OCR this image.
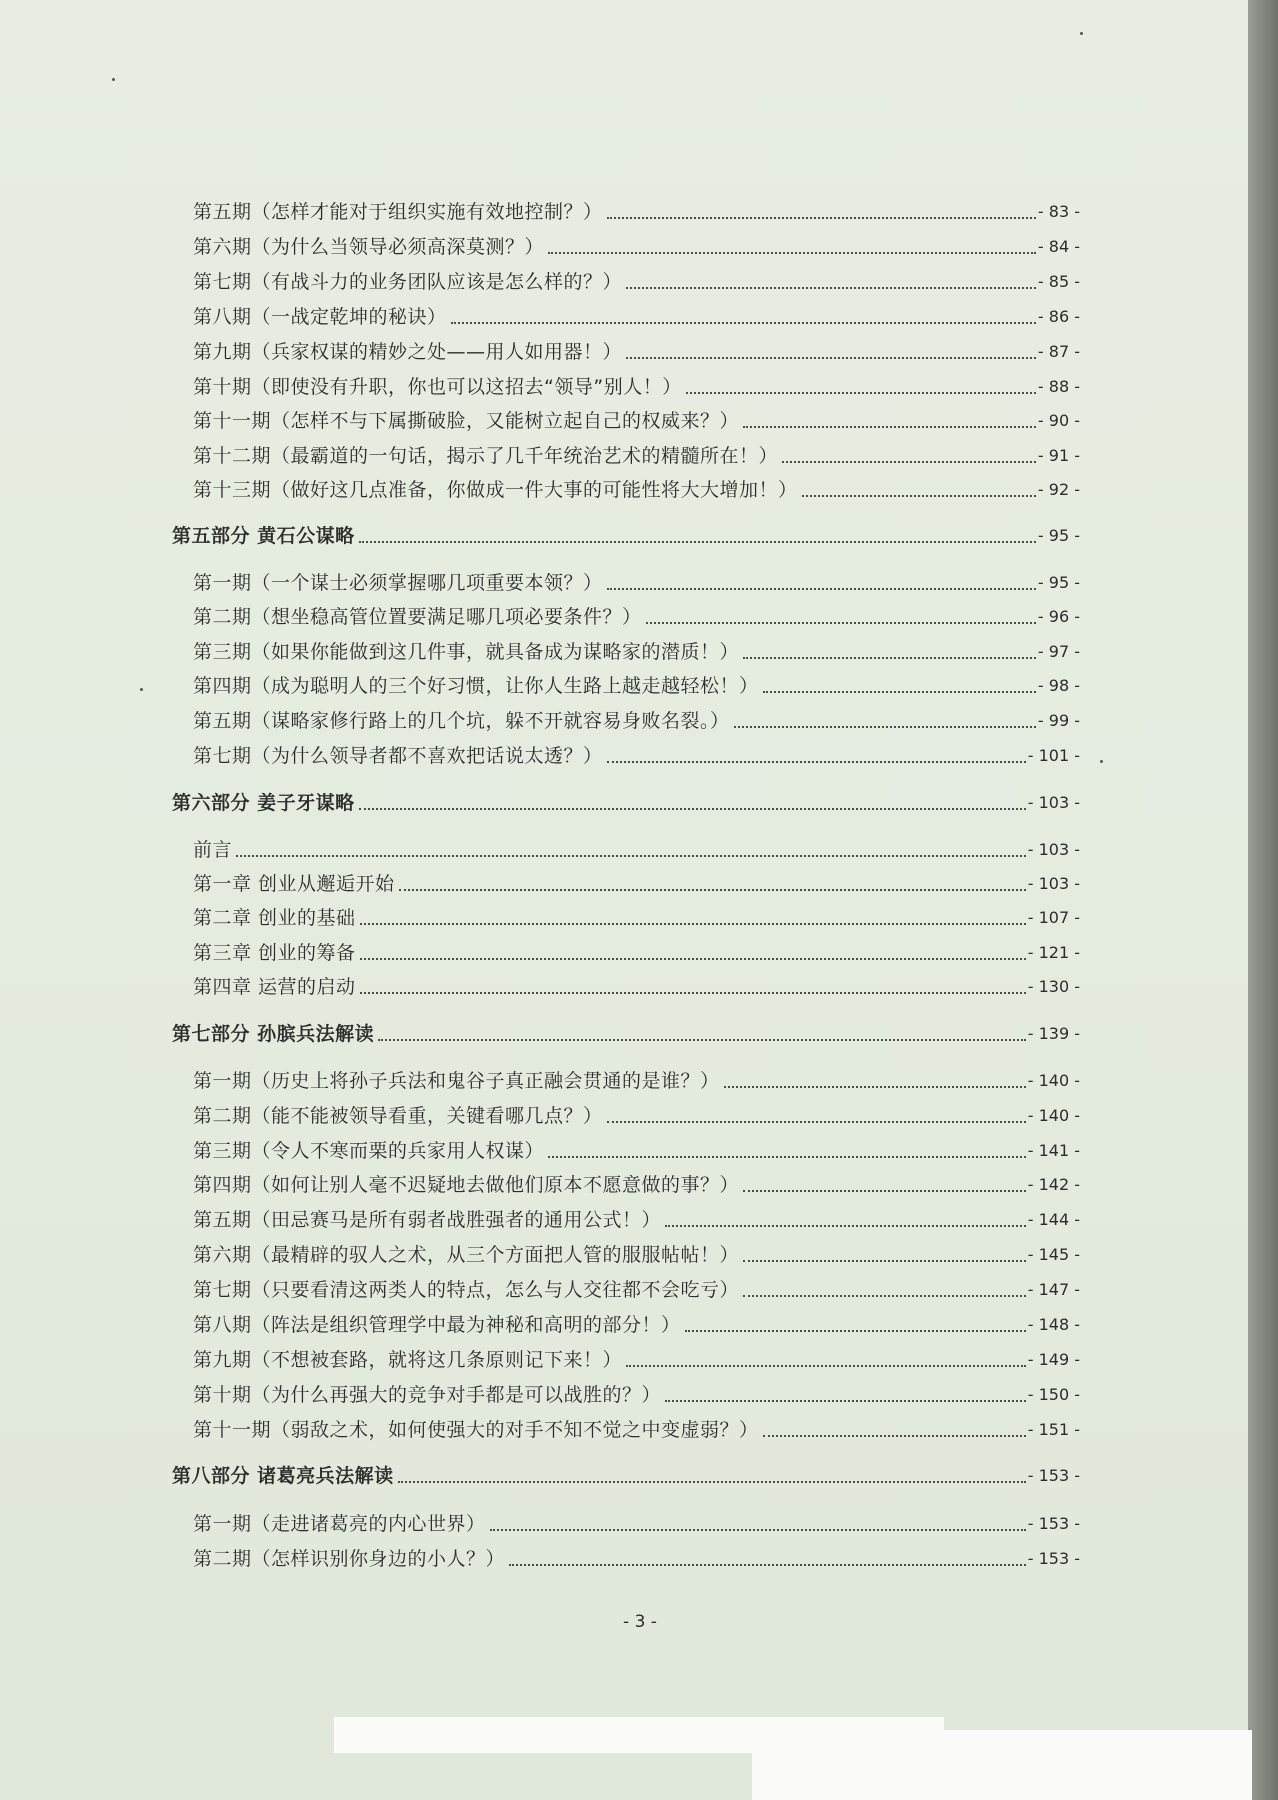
第五期（怎样才能对于组织实施有效地控制？）	- 83 -
第六期（为什么当领导必须高深莫测？）	- 84 -
第七期（有战斗力的业务团队应该是怎么样的？）	- 85 -
第八期（一战定乾坤的秘诀）	- 86 -
第九期（兵家权谋的精妙之处——用人如用器！）	- 87 -
第十期（即使没有升职，你也可以这招去“领导”别人！）	- 88 -
第十一期（怎样不与下属撕破脸，又能树立起自己的权威来？）	- 90 -
第十二期（最霸道的一句话，揭示了几千年统治艺术的精髓所在！）	- 91 -
第十三期（做好这几点准备，你做成一件大事的可能性将大大增加！）	- 92 -
第五部分 黄石公谋略	- 95 -
第一期（一个谋士必须掌握哪几项重要本领？）	- 95 -
第二期（想坐稳高管位置要满足哪几项必要条件？）	- 96 -
第三期（如果你能做到这几件事，就具备成为谋略家的潜质！）	- 97 -
第四期（成为聪明人的三个好习惯，让你人生路上越走越轻松！）	- 98 -
第五期（谋略家修行路上的几个坑，躲不开就容易身败名裂。）	- 99 -
第七期（为什么领导者都不喜欢把话说太透？）	- 101 -
第六部分 姜子牙谋略	- 103 -
前言	- 103 -
第一章 创业从邂逅开始	- 103 -
第二章 创业的基础	- 107 -
第三章 创业的筹备	- 121 -
第四章 运营的启动	- 130 -
第七部分 孙膑兵法解读	- 139 -
第一期（历史上将孙子兵法和鬼谷子真正融会贯通的是谁？）	- 140 -
第二期（能不能被领导看重，关键看哪几点？）	- 140 -
第三期（令人不寒而栗的兵家用人权谋）	- 141 -
第四期（如何让别人毫不迟疑地去做他们原本不愿意做的事？）	- 142 -
第五期（田忌赛马是所有弱者战胜强者的通用公式！）	- 144 -
第六期（最精辟的驭人之术，从三个方面把人管的服服帖帖！）	- 145 -
第七期（只要看清这两类人的特点，怎么与人交往都不会吃亏）	- 147 -
第八期（阵法是组织管理学中最为神秘和高明的部分！）	- 148 -
第九期（不想被套路，就将这几条原则记下来！）	- 149 -
第十期（为什么再强大的竞争对手都是可以战胜的？）	- 150 -
第十一期（弱敌之术，如何使强大的对手不知不觉之中变虚弱？）	- 151 -
第八部分 诸葛亮兵法解读	- 153 -
第一期（走进诸葛亮的内心世界）	- 153 -
第二期（怎样识别你身边的小人？）	- 153 -
- 3 -
